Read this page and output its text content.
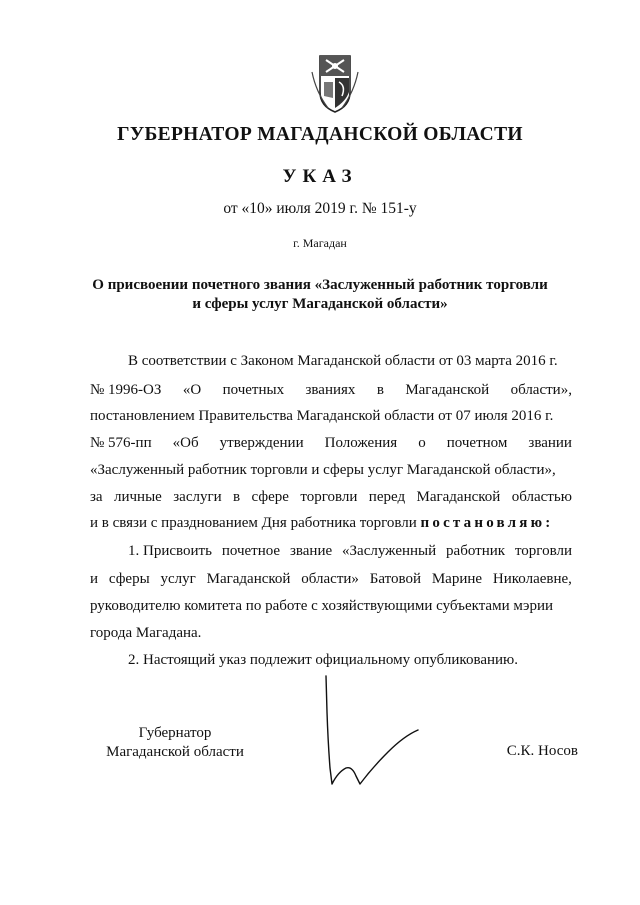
ГУБЕРНАТОР МАГАДАНСКОЙ ОБЛАСТИ
УКАЗ
от «10» июля 2019 г. № 151-у
г. Магадан
О присвоении почетного звания «Заслуженный работник торговли
и сферы услуг Магаданской области»
В соответствии с Законом Магаданской области от 03 марта 2016 г.
№ 1996-ОЗ «О почетных званиях в Магаданской области»,
постановлением Правительства Магаданской области от 07 июля 2016 г.
№ 576-пп «Об утверждении Положения о почетном звании
«Заслуженный работник торговли и сферы услуг Магаданской области»,
за личные заслуги в сфере торговли перед Магаданской областью
и в связи с празднованием Дня работника торговли постановляю:
1. Присвоить почетное звание «Заслуженный работник торговли
и сферы услуг Магаданской области» Батовой Марине Николаевне,
руководителю комитета по работе с хозяйствующими субъектами мэрии
города Магадана.
2. Настоящий указ подлежит официальному опубликованию.
Губернатор
Магаданской области	С.К. Носов
